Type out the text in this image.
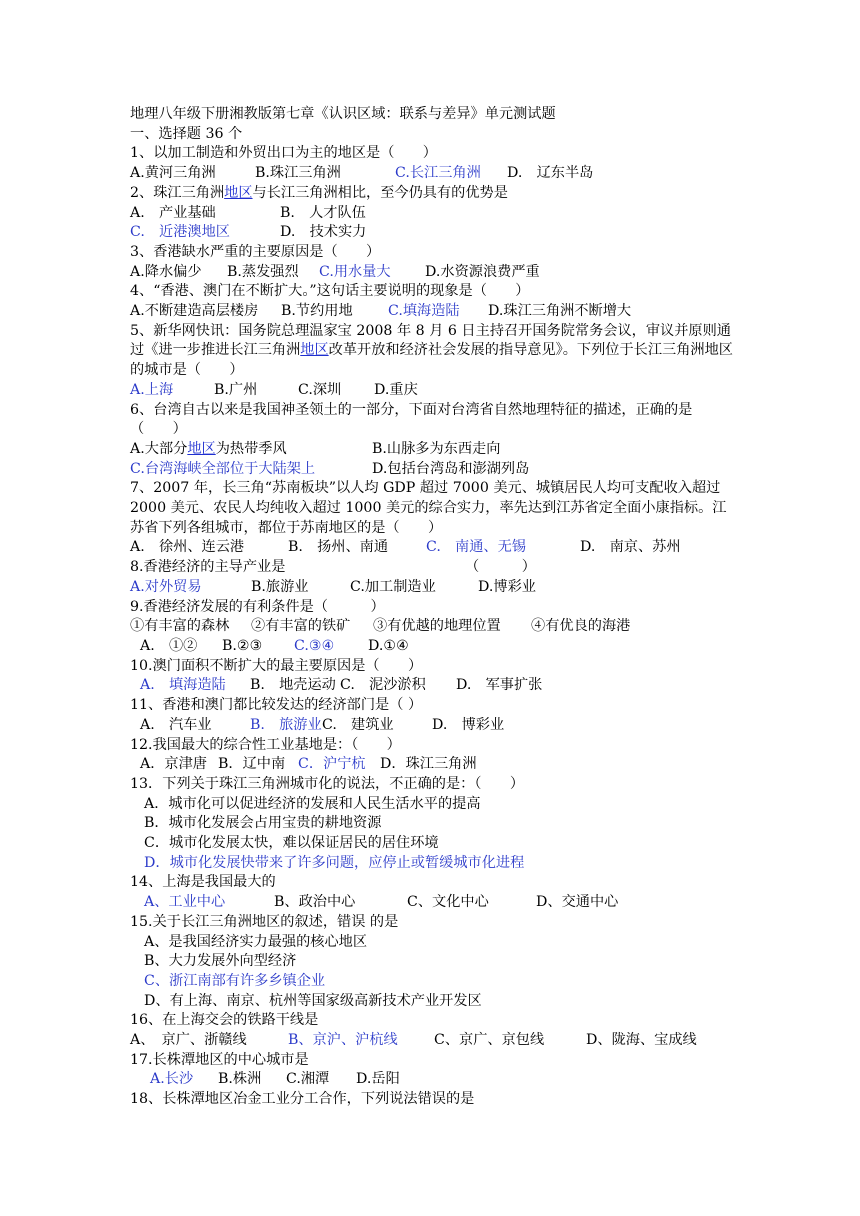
地理八年级下册湘教版第七章《认识区域：联系与差异》单元测试题
一、选择题 36 个
1、以加工制造和外贸出口为主的地区是（　　）
A.黄河三角洲	B.珠江三角洲	C.长江三角洲 D.　辽东半岛
2、珠江三角洲地区与长江三角洲相比，至今仍具有的优势是
A.　产业基础	B.　人才队伍
C.　近港澳地区	D.　技术实力
3、香港缺水严重的主要原因是（　　）
A.降水偏少 B.蒸发强烈 C.用水量大 D.水资源浪费严重
4、“香港、澳门在不断扩大。”这句话主要说明的现象是（　　）
A.不断建造高层楼房 B.节约用地 C.填海造陆 D.珠江三角洲不断增大
5、新华网快讯：国务院总理温家宝 2008 年 8 月 6 日主持召开国务院常务会议，审议并原则通过《进一步推进长江三角洲地区改革开放和经济社会发展的指导意见》。下列位于长江三角洲地区的城市是（　　）
A.上海	B.广州	C.深圳 D.重庆
6、台湾自古以来是我国神圣领土的一部分，下面对台湾省自然地理特征的描述，正确的是（　　）
A.大部分地区为热带季风	B.山脉多为东西走向
C.台湾海峡全部位于大陆架上	D.包括台湾岛和澎湖列岛
7、2007 年，长三角“苏南板块”以人均 GDP 超过 7000 美元、城镇居民人均可支配收入超过 2000 美元、农民人均纯收入超过 1000 美元的综合实力，率先达到江苏省定全面小康指标。江苏省下列各组城市，都位于苏南地区的是（　　）
A.　徐州、连云港	B.　扬州、南通	C.　南通、无锡	D.　南京、苏州
8.香港经济的主导产业是	（　　　）
A.对外贸易	B.旅游业	C.加工制造业	D.博彩业
9.香港经济发展的有利条件是（　　　）
①有丰富的森林 ②有丰富的铁矿 ③有优越的地理位置 ④有优良的海港
A.　①② B.②③ C.③④ D.①④
10.澳门面积不断扩大的最主要原因是（　　）
A.　填海造陆 B.　地壳运动 C.　泥沙淤积 D.　军事扩张
11、香港和澳门都比较发达的经济部门是（ ）
A.　汽车业	B.　旅游业C.　建筑业	D.　博彩业
12.我国最大的综合性工业基地是：（　　）
A．京津唐 B．辽中南 C．沪宁杭 D．珠江三角洲
13．下列关于珠江三角洲城市化的说法，不正确的是：（　　）
A．城市化可以促进经济的发展和人民生活水平的提高
B．城市化发展会占用宝贵的耕地资源
C．城市化发展太快，难以保证居民的居住环境
D．城市化发展快带来了许多问题，应停止或暂缓城市化进程
14、上海是我国最大的
A、工业中心	B、政治中心	C、文化中心	D、交通中心
15.关于长江三角洲地区的叙述，错误 的是
A、是我国经济实力最强的核心地区
B、大力发展外向型经济
C、浙江南部有许多乡镇企业
D、有上海、南京、杭州等国家级高新技术产业开发区
16、在上海交会的铁路干线是
A、　京广、浙赣线	B、京沪、沪杭线	C、京广、京包线	D、陇海、宝成线
17.长株潭地区的中心城市是
A.长沙 B.株洲 C.湘潭 D.岳阳
18、长株潭地区冶金工业分工合作，下列说法错误的是
